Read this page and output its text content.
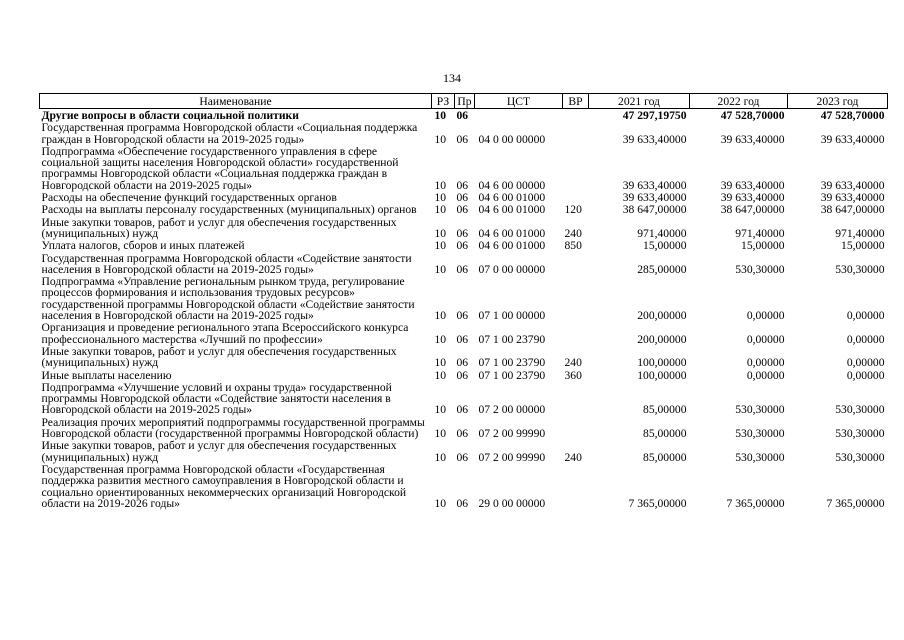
134
Наименование	РЗ	Пр	ЦСТ	ВР	2021 год	2022 год	2023 год
Другие вопросы в области социальной политики	10	06			47 297,19750	47 528,70000	47 528,70000
Государственная программа Новгородской области «Социальная поддержка граждан в Новгородской области на 2019-2025 годы»	10	06	04 0 00 00000		39 633,40000	39 633,40000	39 633,40000
Подпрограмма «Обеспечение государственного управления в сфере социальной защиты населения Новгородской области» государственной программы Новгородской области «Социальная поддержка граждан в Новгородской области на 2019-2025 годы»	10	06	04 6 00 00000		39 633,40000	39 633,40000	39 633,40000
Расходы на обеспечение функций государственных органов	10	06	04 6 00 01000		39 633,40000	39 633,40000	39 633,40000
Расходы на выплаты персоналу государственных (муниципальных) органов	10	06	04 6 00 01000	120	38 647,00000	38 647,00000	38 647,00000
Иные закупки товаров, работ и услуг для обеспечения государственных (муниципальных) нужд	10	06	04 6 00 01000	240	971,40000	971,40000	971,40000
Уплата налогов, сборов и иных платежей	10	06	04 6 00 01000	850	15,00000	15,00000	15,00000
Государственная программа Новгородской области «Содействие занятости населения в Новгородской области на 2019-2025 годы»	10	06	07 0 00 00000		285,00000	530,30000	530,30000
Подпрограмма «Управление региональным рынком труда, регулирование процессов формирования и использования трудовых ресурсов» государственной программы Новгородской области «Содействие занятости населения в Новгородской области на 2019-2025 годы»	10	06	07 1 00 00000		200,00000	0,00000	0,00000
Организация и проведение регионального этапа Всероссийского конкурса профессионального мастерства «Лучший по профессии»	10	06	07 1 00 23790		200,00000	0,00000	0,00000
Иные закупки товаров, работ и услуг для обеспечения государственных (муниципальных) нужд	10	06	07 1 00 23790	240	100,00000	0,00000	0,00000
Иные выплаты населению	10	06	07 1 00 23790	360	100,00000	0,00000	0,00000
Подпрограмма «Улучшение условий и охраны труда» государственной программы Новгородской области «Содействие занятости населения в Новгородской области на 2019-2025 годы»	10	06	07 2 00 00000		85,00000	530,30000	530,30000
Реализация прочих мероприятий подпрограммы государственной программы Новгородской области (государственной программы Новгородской области)	10	06	07 2 00 99990		85,00000	530,30000	530,30000
Иные закупки товаров, работ и услуг для обеспечения государственных (муниципальных) нужд	10	06	07 2 00 99990	240	85,00000	530,30000	530,30000
Государственная программа Новгородской области «Государственная поддержка развития местного самоуправления в Новгородской области и социально ориентированных некоммерческих организаций Новгородской области на 2019-2026 годы»	10	06	29 0 00 00000		7 365,00000	7 365,00000	7 365,00000
